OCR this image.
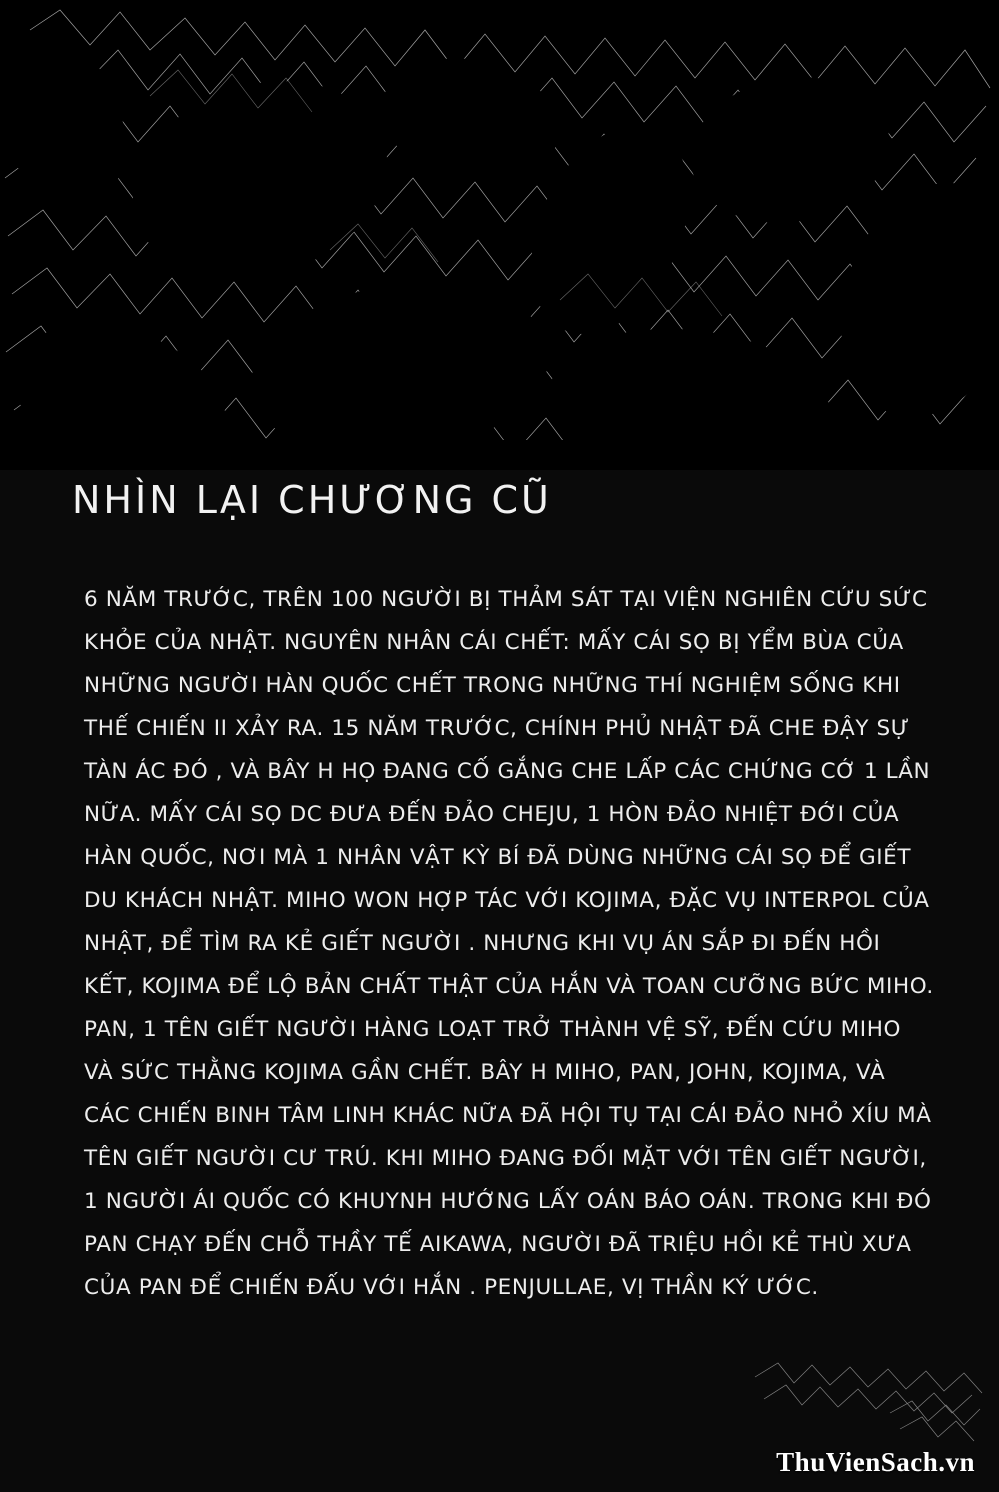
NHÌN LẠI CHƯƠNG CŨ
6 NĂM TRƯỚC, TRÊN 100 NGƯỜI BỊ THẢM SÁT TẠI VIỆN NGHIÊN CỨU SỨC KHỎE CỦA NHẬT. NGUYÊN NHÂN CÁI CHẾT: MẤY CÁI SỌ BỊ YỂM BÙA CỦA NHỮNG NGƯỜI HÀN QUỐC CHẾT TRONG NHỮNG THÍ NGHIỆM SỐNG KHI THẾ CHIẾN II XẢY RA. 15 NĂM TRƯỚC, CHÍNH PHỦ NHẬT ĐÃ CHE ĐẬY SỰ TÀN ÁC ĐÓ , VÀ BÂY H HỌ ĐANG CỐ GẮNG CHE LẤP CÁC CHỨNG CỚ 1 LẦN NỮA. MẤY CÁI SỌ DC ĐƯA ĐẾN ĐẢO CHEJU, 1 HÒN ĐẢO NHIỆT ĐỚI CỦA HÀN QUỐC, NƠI MÀ 1 NHÂN VẬT KỲ BÍ ĐÃ DÙNG NHỮNG CÁI SỌ ĐỂ GIẾT DU KHÁCH NHẬT. MIHO WON HỢP TÁC VỚI KOJIMA, ĐẶC VỤ INTERPOL CỦA NHẬT, ĐỂ TÌM RA KẺ GIẾT NGƯỜI . NHƯNG KHI VỤ ÁN SẮP ĐI ĐẾN HỒI KẾT, KOJIMA ĐỂ LỘ BẢN CHẤT THẬT CỦA HẮN VÀ TOAN CƯỠNG BỨC MIHO. PAN, 1 TÊN GIẾT NGƯỜI HÀNG LOẠT TRỞ THÀNH VỆ SỸ, ĐẾN CỨU MIHO VÀ SỨC THẰNG KOJIMA GẦN CHẾT. BÂY H MIHO, PAN, JOHN, KOJIMA, VÀ CÁC CHIẾN BINH TÂM LINH KHÁC NỮA ĐÃ HỘI TỤ TẠI CÁI ĐẢO NHỎ XÍU MÀ TÊN GIẾT NGƯỜI CƯ TRÚ. KHI MIHO ĐANG ĐỐI MẶT VỚI TÊN GIẾT NGƯỜI, 1 NGƯỜI ÁI QUỐC CÓ KHUYNH HƯỚNG LẤY OÁN BÁO OÁN. TRONG KHI ĐÓ PAN CHẠY ĐẾN CHỖ THẦY TẾ AIKAWA, NGƯỜI ĐÃ TRIỆU HỒI KẺ THÙ XƯA CỦA PAN ĐỂ CHIẾN ĐẤU VỚI HẮN . PENJULLAE, VỊ THẦN KÝ ƯỚC.
ThuVienSach.vn
